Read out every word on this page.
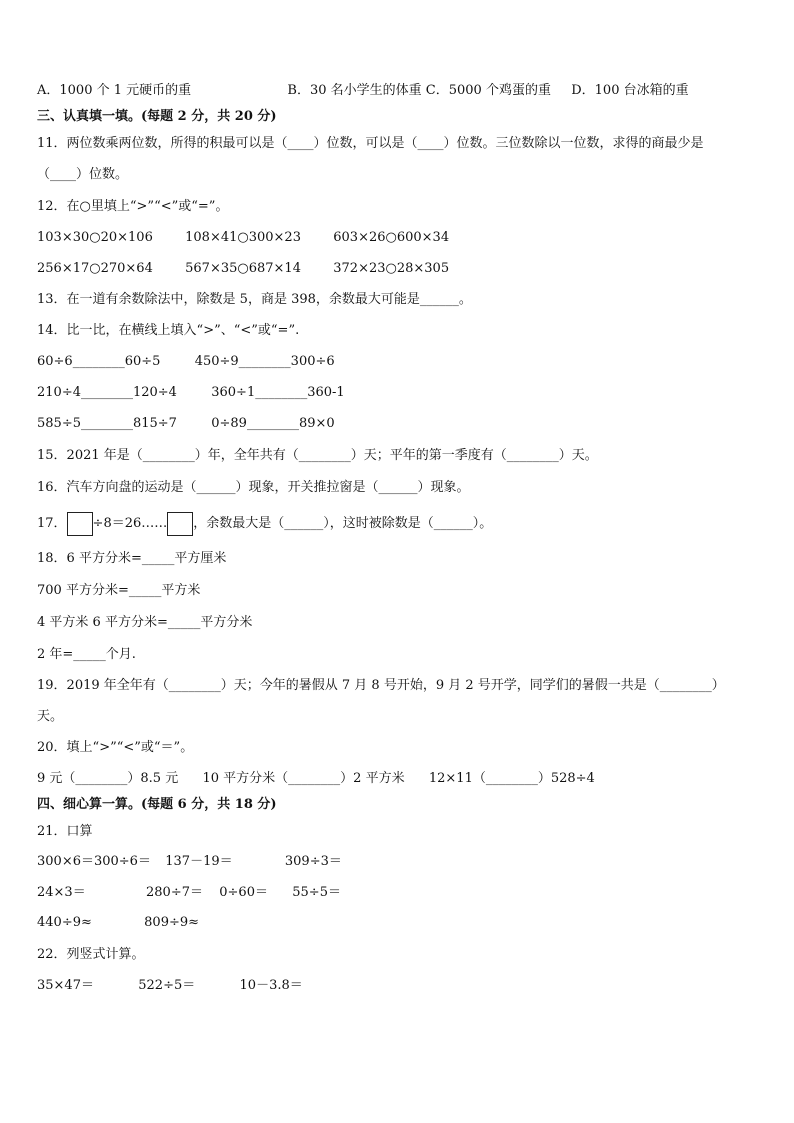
A．1000 个 1 元硬币的重	B．30 名小学生的体重 C．5000 个鸡蛋的重 D．100 台冰箱的重
三、认真填一填。(每题 2 分，共 20 分)
11．两位数乘两位数，所得的积最可以是（____）位数，可以是（____）位数。三位数除以一位数，求得的商最少是
（____）位数。
12．在○里填上“>”“<”或“=”。
103×30○20×106 108×41○300×23 603×26○600×34
256×17○270×64 567×35○687×14 372×23○28×305
13．在一道有余数除法中，除数是 5，商是 398，余数最大可能是______。
14．比一比，在横线上填入“>”、“<”或“=”.
60÷6________60÷5	450÷9________300÷6
210÷4________120÷4	360÷1________360-1
585÷5________815÷7	0÷89________89×0
15．2021 年是（________）年，全年共有（________）天；平年的第一季度有（________）天。
16．汽车方向盘的运动是（______）现象，开关推拉窗是（______）现象。
17． ÷8＝26…… ，余数最大是（______），这时被除数是（______）。
18．6 平方分米=_____平方厘米
700 平方分米=_____平方米
4 平方米 6 平方分米=_____平方分米
2 年=_____个月.
19．2019 年全年有（________）天；今年的暑假从 7 月 8 号开始，9 月 2 号开学，同学们的暑假一共是（________）
天。
20．填上“>”“<”或“＝”。
9 元（________）8.5 元 10 平方分米（________）2 平方米 12×11（________）528÷4
四、细心算一算。(每题 6 分，共 18 分)
21．口算
300×6＝300÷6＝ 137－19＝	309÷3＝
24×3＝	280÷7＝ 0÷60＝ 55÷5＝
440÷9≈	809÷9≈
22．列竖式计算。
35×47＝	522÷5＝	10－3.8＝
